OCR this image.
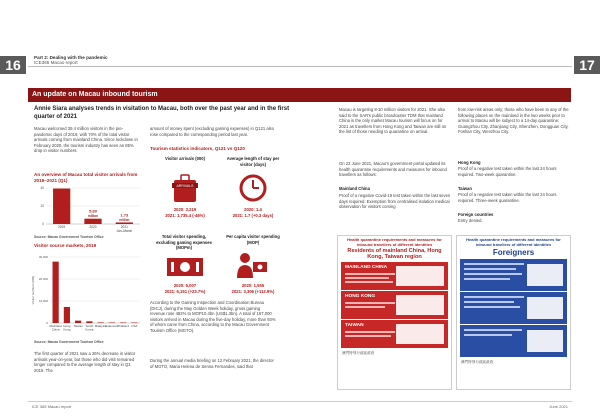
16	17
Part 2: Dealing with the pandemic
ICE365 Macao report
An update on Macau inbound tourism
Annie Siara analyses trends in visitation to Macau, both over the past year and in the first quarter of 2021
Macau welcomed 39.4 million visitors in the pre-pandemic days of 2019, with 70% of the total visitor arrivals coming from mainland China. Since lockdown in February 2020, the tourism industry has seen an 85% drop in visitor numbers.
An overview of Macau total visitor arrivals from 2019–2021 (Q1)
0
20
40
2019
5.89
million
2020
1.73
million
2021
Jan–March
Source: Macau Government Tourism Office
Visitor source markets, 2019
0
10,000
20,000
30,000
Mainland
China
Hong
Kong
Taiwan South
Korea
Malaysia
Indonesia
Thailand USA
Visitor numbers (000)
Source: Macau Government Tourism Office
The first quarter of 2021 saw a 26% decrease in visitor arrivals year-on-year, but those who did visit remained longer compared to the average length of stay in Q1 2019. The
amount of money spent (excluding gaming expenses) in Q121 also rose compared to the corresponding period last year.
Tourism statistics indicators, Q121 vs Q120
Visitor arrivals (000)	Average length of stay per visitor (days)
ARRIVALS
2020: 3,219
2021: 1,735.4 (-46%)
2020: 1.4
2021: 1.7 (+0.3 days)
Total visitor spending, excluding gaming expenses (MOPm)
Per capita visitor spending (MOP)
2020: 5,007
2021: 6,151 (+23.7%)
2020: 1,555
2021: 3,306 (+112.9%)
According to the Gaming Inspection and Coordination Bureau (DICJ), during the May Golden Week holiday, gross gaming revenue rose 492% to MOP10.4bn (US$1.3bn). A total of 167,000 visitors arrived in Macau during the five-day holiday, more than 93% of whom came from China, according to the Macau Government Tourism Office (MGTO).
During the annual media briefing on 12 February 2021, the director of MGTO, Maria Helena de Senna Fernandes, said that
Macau is targeting 8-10 million visitors for 2021. She also said to the SAR's public broadcaster TDM that mainland China is the only market Macau tourism will focus on for 2021 as travellers from Hong Kong and Taiwan are still on the list of those needing to quarantine on arrival.
On 22 June 2021, Macau's government portal updated its health quarantine requirements and measures for inbound travellers as follows:
Mainland China
Proof of a negative Covid-19 test taken within the last seven days required. Exemption from centralised isolation medical observation for visitors coming
from low-risk areas only; those who have been to any of the following places on the mainland in the two weeks prior to arrival to Macau will be subject to a 14-day quarantine: Guangzhou City, Zhanjiang City, Shenzhen, Dongguan City, Foshan City, Wenzhou City.
Hong Kong
Proof of a negative test taken within the last 24 hours required. Two-week quarantine.
Taiwan
Proof of a negative test taken within the last 24 hours required. Three-week quarantine.
Foreign countries
Entry denied.
Health quarantine requirements and measures for inbound travellers of different identities
Residents of mainland China, Hong Kong, Taiwan region
MAINLAND CHINA
HONG KONG
TAIWAN
澳門特別行政區政府
Health quarantine requirements and measures for inbound travellers of different identities
Foreigners
澳門特別行政區政府
ICE 365 Macau report	June 2021
